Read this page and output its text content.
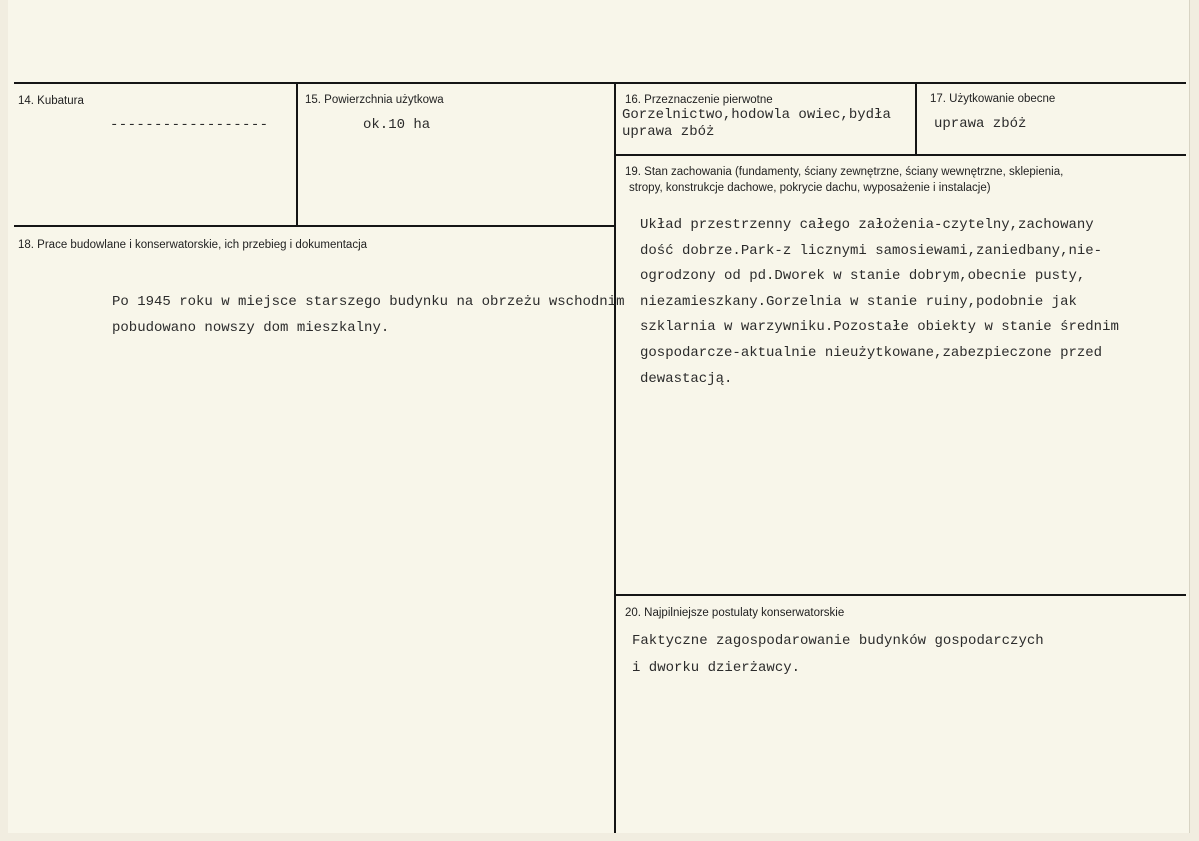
14. Kubatura
------------------
15. Powierzchnia użytkowa
ok.10 ha
16. Przeznaczenie pierwotne
Gorzelnictwo,hodowla owiec,bydła
uprawa zbóż
17. Użytkowanie obecne
uprawa zbóż
18. Prace budowlane i konserwatorskie, ich przebieg i dokumentacja
Po 1945 roku w miejsce starszego budynku na obrzeżu wschodnim
pobudowano nowszy dom mieszkalny.
19. Stan zachowania (fundamenty, ściany zewnętrzne, ściany wewnętrzne, sklepienia,
stropy, konstrukcje dachowe, pokrycie dachu, wyposażenie i instalacje)
Układ przestrzenny całego założenia-czytelny,zachowany
dość dobrze.Park-z licznymi samosiewami,zaniedbany,nie-
ogrodzony od pd.Dworek w stanie dobrym,obecnie pusty,
niezamieszkany.Gorzelnia w stanie ruiny,podobnie jak
szklarnia w warzywniku.Pozostałe obiekty w stanie średnim
gospodarcze-aktualnie nieużytkowane,zabezpieczone przed
dewastacją.
20. Najpilniejsze postulaty konserwatorskie
Faktyczne zagospodarowanie budynków gospodarczych
i dworku dzierżawcy.
